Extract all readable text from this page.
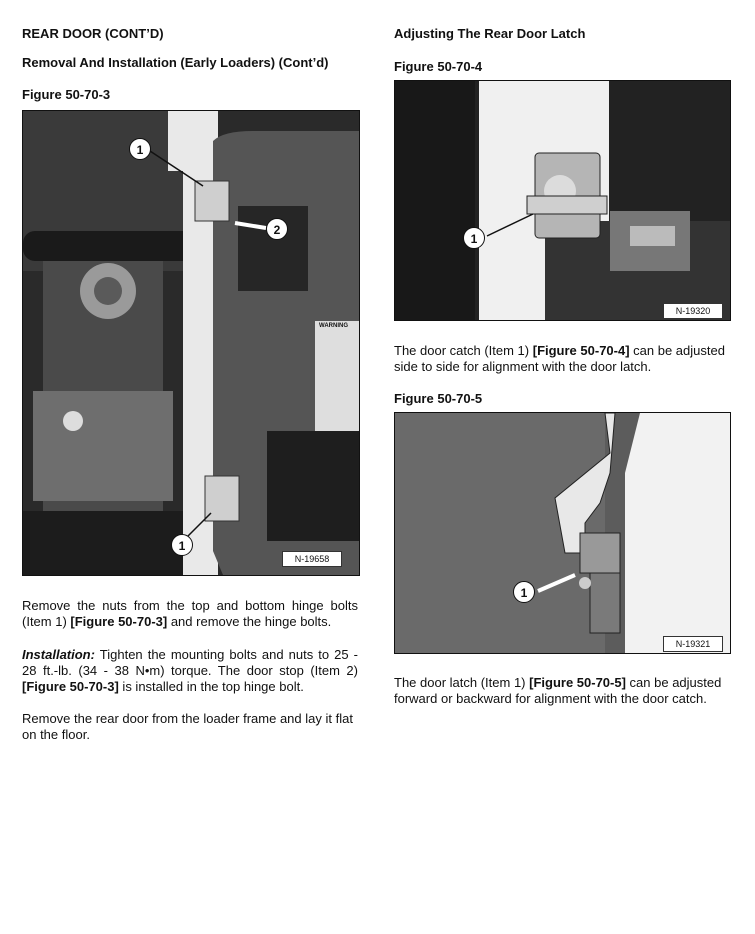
REAR DOOR (CONT’D)
Removal And Installation (Early Loaders) (Cont’d)
Figure 50-70-3
1
2
1
WARNING
N-19658
Remove the nuts from the top and bottom hinge bolts (Item 1) [Figure 50-70-3] and remove the hinge bolts.
Installation: Tighten the mounting bolts and nuts to 25 - 28 ft.-lb. (34 - 38 N•m) torque. The door stop (Item 2) [Figure 50-70-3] is installed in the top hinge bolt.
Remove the rear door from the loader frame and lay it flat on the floor.
Adjusting The Rear Door Latch
Figure 50-70-4
1
N-19320
The door catch (Item 1) [Figure 50-70-4] can be adjusted side to side for alignment with the door latch.
Figure 50-70-5
1
N-19321
The door latch (Item 1) [Figure 50-70-5] can be adjusted forward or backward for alignment with the door catch.
